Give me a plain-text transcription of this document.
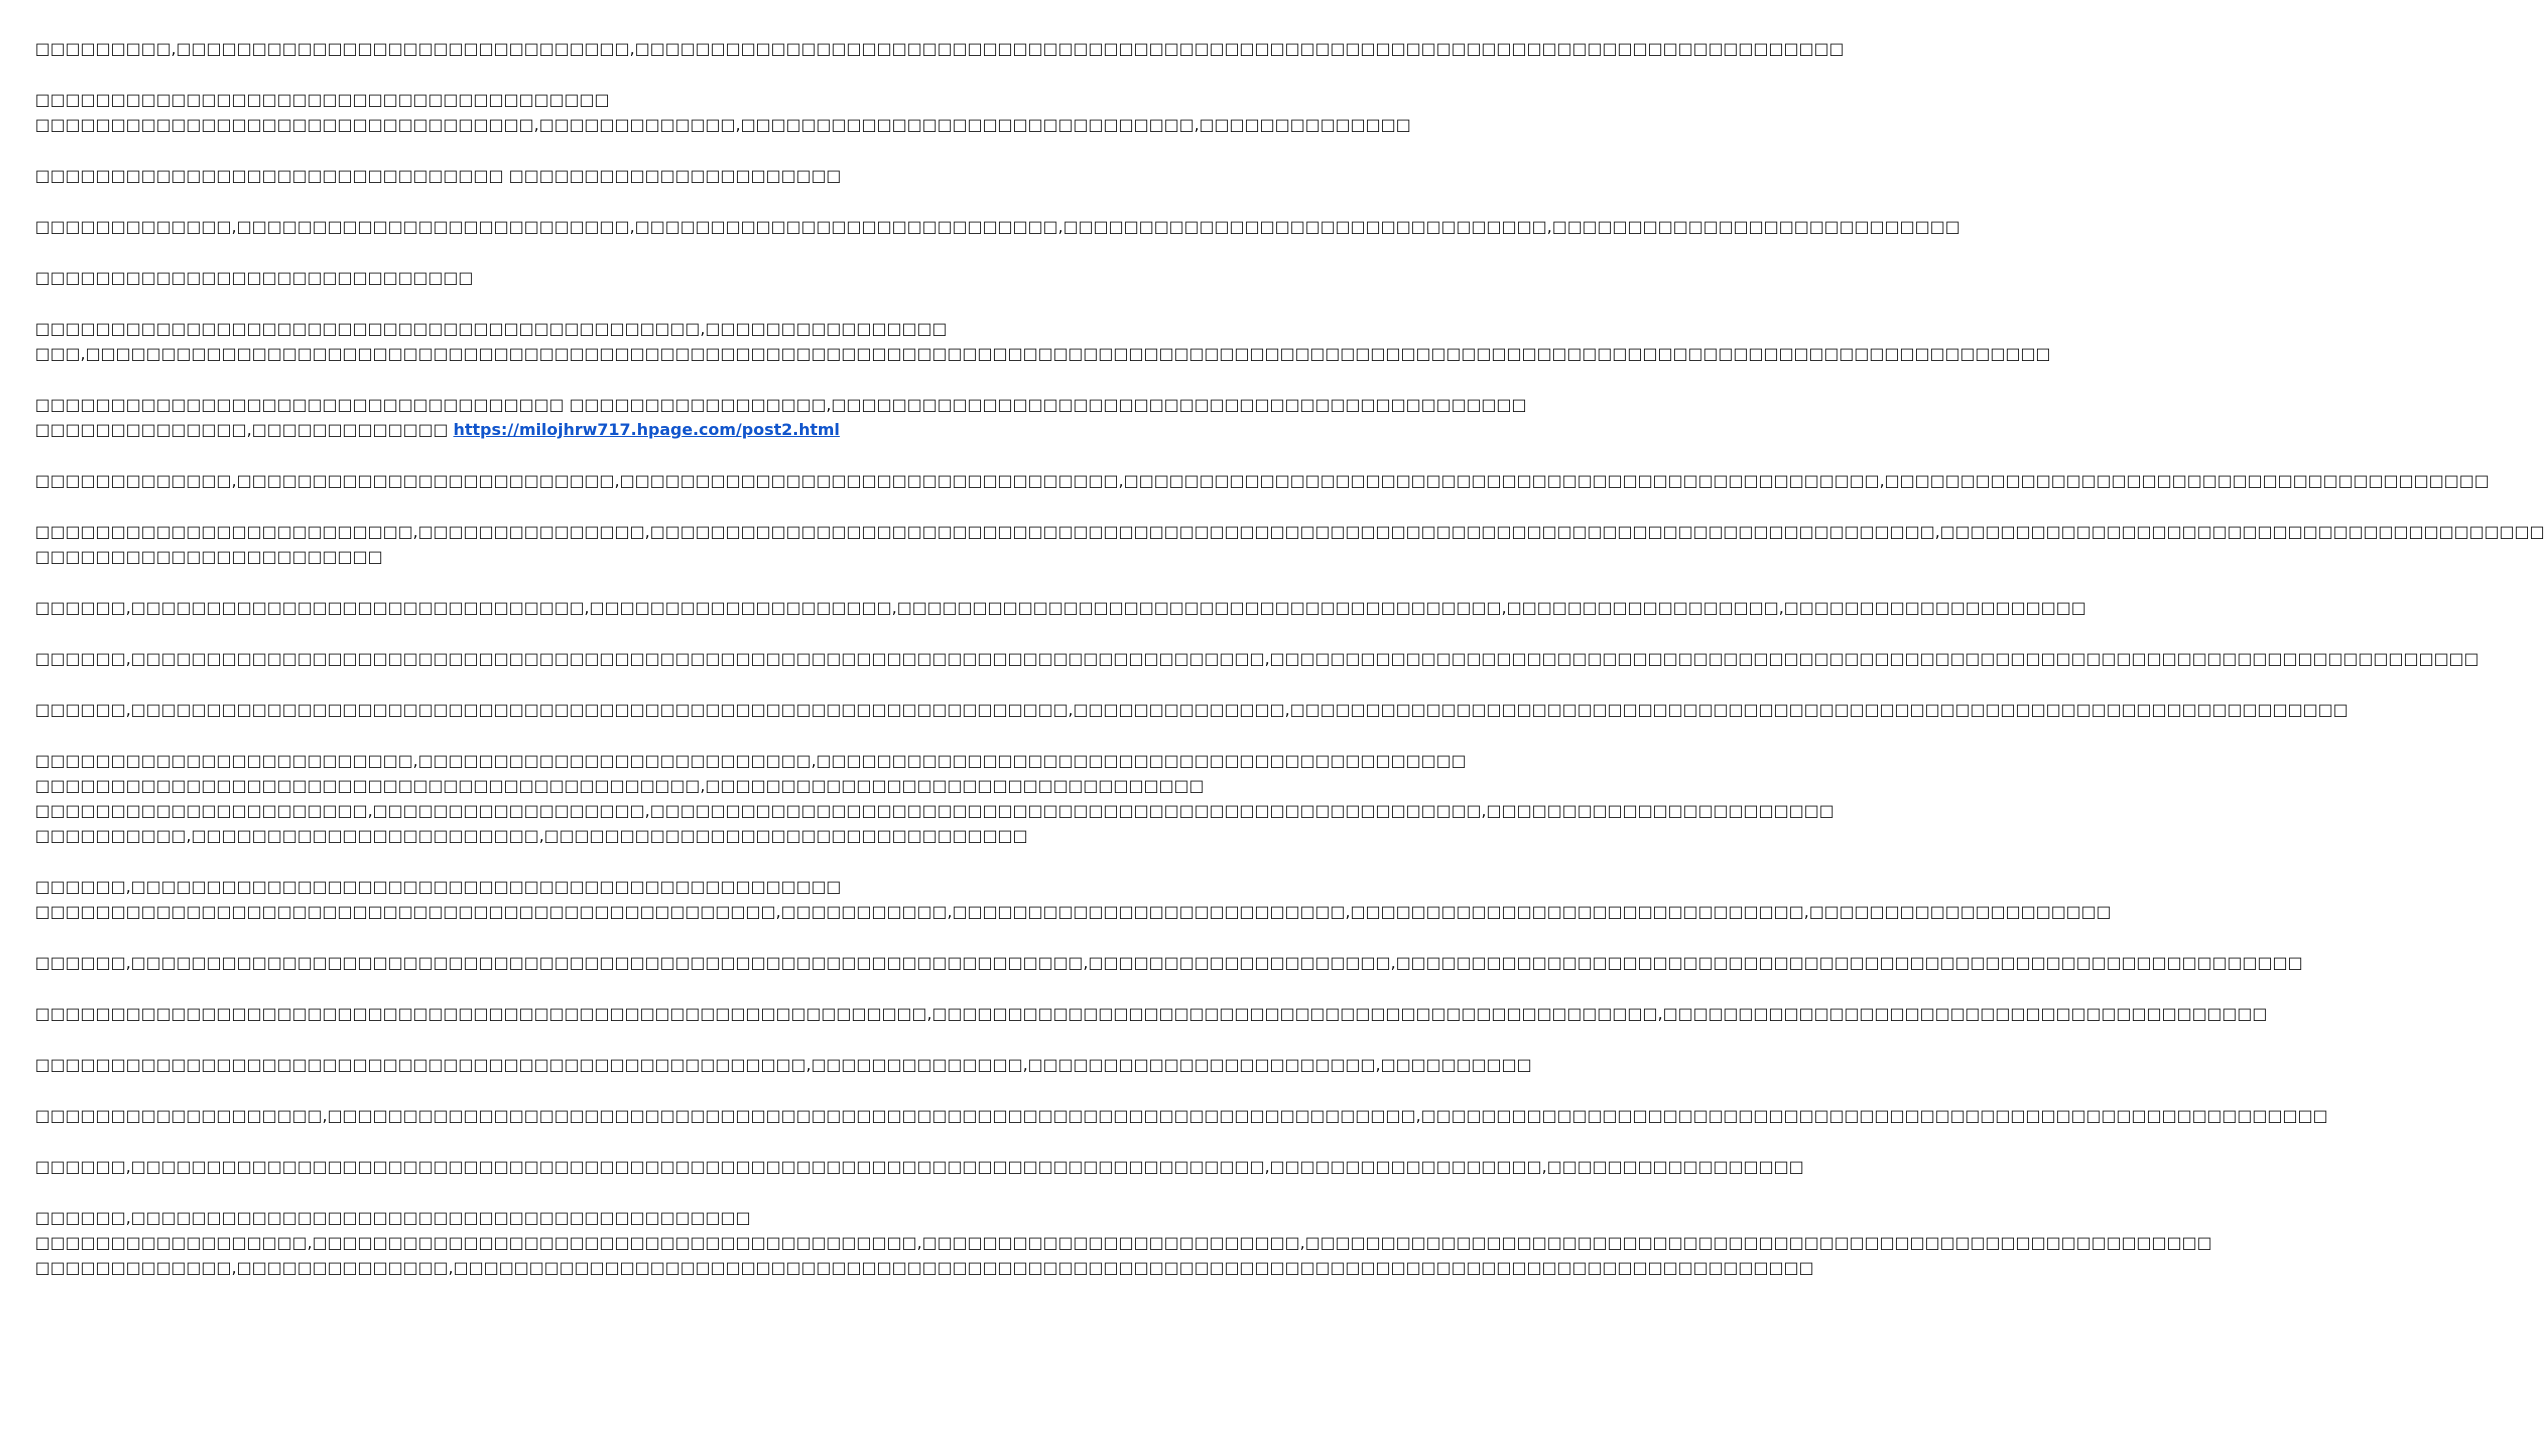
□□□□□□□□□,□□□□□□□□□□□□□□□□□□□□□□□□□□□□□□,□□□□□□□□□□□□□□□□□□□□□□□□□□□□□□□□□□□□□□□□□□□□□□□□□□□□□□□□□□□□□□□□□□□□□□□□□□□□□□□□
□□□□□□□□□□□□□□□□□□□□□□□□□□□□□□□□□□□□□□
□□□□□□□□□□□□□□□□□□□□□□□□□□□□□□□□□,□□□□□□□□□□□□□,□□□□□□□□□□□□□□□□□□□□□□□□□□□□□□,□□□□□□□□□□□□□□
□□□□□□□□□□□□□□□□□□□□□□□□□□□□□□□ □□□□□□□□□□□□□□□□□□□□□□
□□□□□□□□□□□□□,□□□□□□□□□□□□□□□□□□□□□□□□□□,□□□□□□□□□□□□□□□□□□□□□□□□□□□□,□□□□□□□□□□□□□□□□□□□□□□□□□□□□□□□□,□□□□□□□□□□□□□□□□□□□□□□□□□□□
□□□□□□□□□□□□□□□□□□□□□□□□□□□□□
□□□□□□□□□□□□□□□□□□□□□□□□□□□□□□□□□□□□□□□□□□□□,□□□□□□□□□□□□□□□□
□□□,□□□□□□□□□□□□□□□□□□□□□□□□□□□□□□□□□□□□□□□□□□□□□□□□□□□□□□□□□□□□□□□□□□□□□□□□□□□□□□□□□□□□□□□□□□□□□□□□□□□□□□□□□□□□□□□□□□□□□□□□□□□□□□□□□□
□□□□□□□□□□□□□□□□□□□□□□□□□□□□□□□□□□□ □□□□□□□□□□□□□□□□□,□□□□□□□□□□□□□□□□□□□□□□□□□□□□□□□□□□□□□□□□□□□□□□
□□□□□□□□□□□□□□,□□□□□□□□□□□□□ https://milojhrw717.hpage.com/post2.html
□□□□□□□□□□□□□,□□□□□□□□□□□□□□□□□□□□□□□□□,□□□□□□□□□□□□□□□□□□□□□□□□□□□□□□□□□,□□□□□□□□□□□□□□□□□□□□□□□□□□□□□□□□□□□□□□□□□□□□□□□□□□,□□□□□□□□□□□□□□□□□□□□□□□□□□□□□□□□□□□□□□□□
□□□□□□□□□□□□□□□□□□□□□□□□□,□□□□□□□□□□□□□□□,□□□□□□□□□□□□□□□□□□□□□□□□□□□□□□□□□□□□□□□□□□□□□□□□□□□□□□□□□□□□□□□□□□□□□□□□□□□□□□□□□□□□□,□□□□□□□□□□□□□□□□□□□□□□□□□□□□□□□□□□□□□□□□
□□□□□□□□□□□□□□□□□□□□□□□
□□□□□□,□□□□□□□□□□□□□□□□□□□□□□□□□□□□□□,□□□□□□□□□□□□□□□□□□□□,□□□□□□□□□□□□□□□□□□□□□□□□□□□□□□□□□□□□□□□□,□□□□□□□□□□□□□□□□□□,□□□□□□□□□□□□□□□□□□□□
□□□□□□,□□□□□□□□□□□□□□□□□□□□□□□□□□□□□□□□□□□□□□□□□□□□□□□□□□□□□□□□□□□□□□□□□□□□□□□□□□□,□□□□□□□□□□□□□□□□□□□□□□□□□□□□□□□□□□□□□□□□□□□□□□□□□□□□□□□□□□□□□□□□□□□□□□□□□□□□□□□□
□□□□□□,□□□□□□□□□□□□□□□□□□□□□□□□□□□□□□□□□□□□□□□□□□□□□□□□□□□□□□□□□□□□□□,□□□□□□□□□□□□□□,□□□□□□□□□□□□□□□□□□□□□□□□□□□□□□□□□□□□□□□□□□□□□□□□□□□□□□□□□□□□□□□□□□□□□□
□□□□□□□□□□□□□□□□□□□□□□□□□,□□□□□□□□□□□□□□□□□□□□□□□□□□,□□□□□□□□□□□□□□□□□□□□□□□□□□□□□□□□□□□□□□□□□□□
□□□□□□□□□□□□□□□□□□□□□□□□□□□□□□□□□□□□□□□□□□□□,□□□□□□□□□□□□□□□□□□□□□□□□□□□□□□□□□
□□□□□□□□□□□□□□□□□□□□□□,□□□□□□□□□□□□□□□□□□,□□□□□□□□□□□□□□□□□□□□□□□□□□□□□□□□□□□□□□□□□□□□□□□□□□□□□□□,□□□□□□□□□□□□□□□□□□□□□□□
□□□□□□□□□□,□□□□□□□□□□□□□□□□□□□□□□□,□□□□□□□□□□□□□□□□□□□□□□□□□□□□□□□□
□□□□□□,□□□□□□□□□□□□□□□□□□□□□□□□□□□□□□□□□□□□□□□□□□□□□□□
□□□□□□□□□□□□□□□□□□□□□□□□□□□□□□□□□□□□□□□□□□□□□□□□□,□□□□□□□□□□□,□□□□□□□□□□□□□□□□□□□□□□□□□□,□□□□□□□□□□□□□□□□□□□□□□□□□□□□□□,□□□□□□□□□□□□□□□□□□□□
□□□□□□,□□□□□□□□□□□□□□□□□□□□□□□□□□□□□□□□□□□□□□□□□□□□□□□□□□□□□□□□□□□□□□□,□□□□□□□□□□□□□□□□□□□□,□□□□□□□□□□□□□□□□□□□□□□□□□□□□□□□□□□□□□□□□□□□□□□□□□□□□□□□□□□□□
□□□□□□□□□□□□□□□□□□□□□□□□□□□□□□□□□□□□□□□□□□□□□□□□□□□□□□□□□□□,□□□□□□□□□□□□□□□□□□□□□□□□□□□□□□□□□□□□□□□□□□□□□□□□,□□□□□□□□□□□□□□□□□□□□□□□□□□□□□□□□□□□□□□□□
□□□□□□□□□□□□□□□□□□□□□□□□□□□□□□□□□□□□□□□□□□□□□□□□□□□,□□□□□□□□□□□□□□,□□□□□□□□□□□□□□□□□□□□□□□,□□□□□□□□□□
□□□□□□□□□□□□□□□□□□□,□□□□□□□□□□□□□□□□□□□□□□□□□□□□□□□□□□□□□□□□□□□□□□□□□□□□□□□□□□□□□□□□□□□□□□□□,□□□□□□□□□□□□□□□□□□□□□□□□□□□□□□□□□□□□□□□□□□□□□□□□□□□□□□□□□□□□
□□□□□□,□□□□□□□□□□□□□□□□□□□□□□□□□□□□□□□□□□□□□□□□□□□□□□□□□□□□□□□□□□□□□□□□□□□□□□□□□□□,□□□□□□□□□□□□□□□□□□,□□□□□□□□□□□□□□□□□
□□□□□□,□□□□□□□□□□□□□□□□□□□□□□□□□□□□□□□□□□□□□□□□□
□□□□□□□□□□□□□□□□□□,□□□□□□□□□□□□□□□□□□□□□□□□□□□□□□□□□□□□□□□□,□□□□□□□□□□□□□□□□□□□□□□□□□,□□□□□□□□□□□□□□□□□□□□□□□□□□□□□□□□□□□□□□□□□□□□□□□□□□□□□□□□□□□□
□□□□□□□□□□□□□,□□□□□□□□□□□□□□,□□□□□□□□□□□□□□□□□□□□□□□□□□□□□□□□□□□□□□□□□□□□□□□□□□□□□□□□□□□□□□□□□□□□□□□□□□□□□□□□□□□□□□□□□□
